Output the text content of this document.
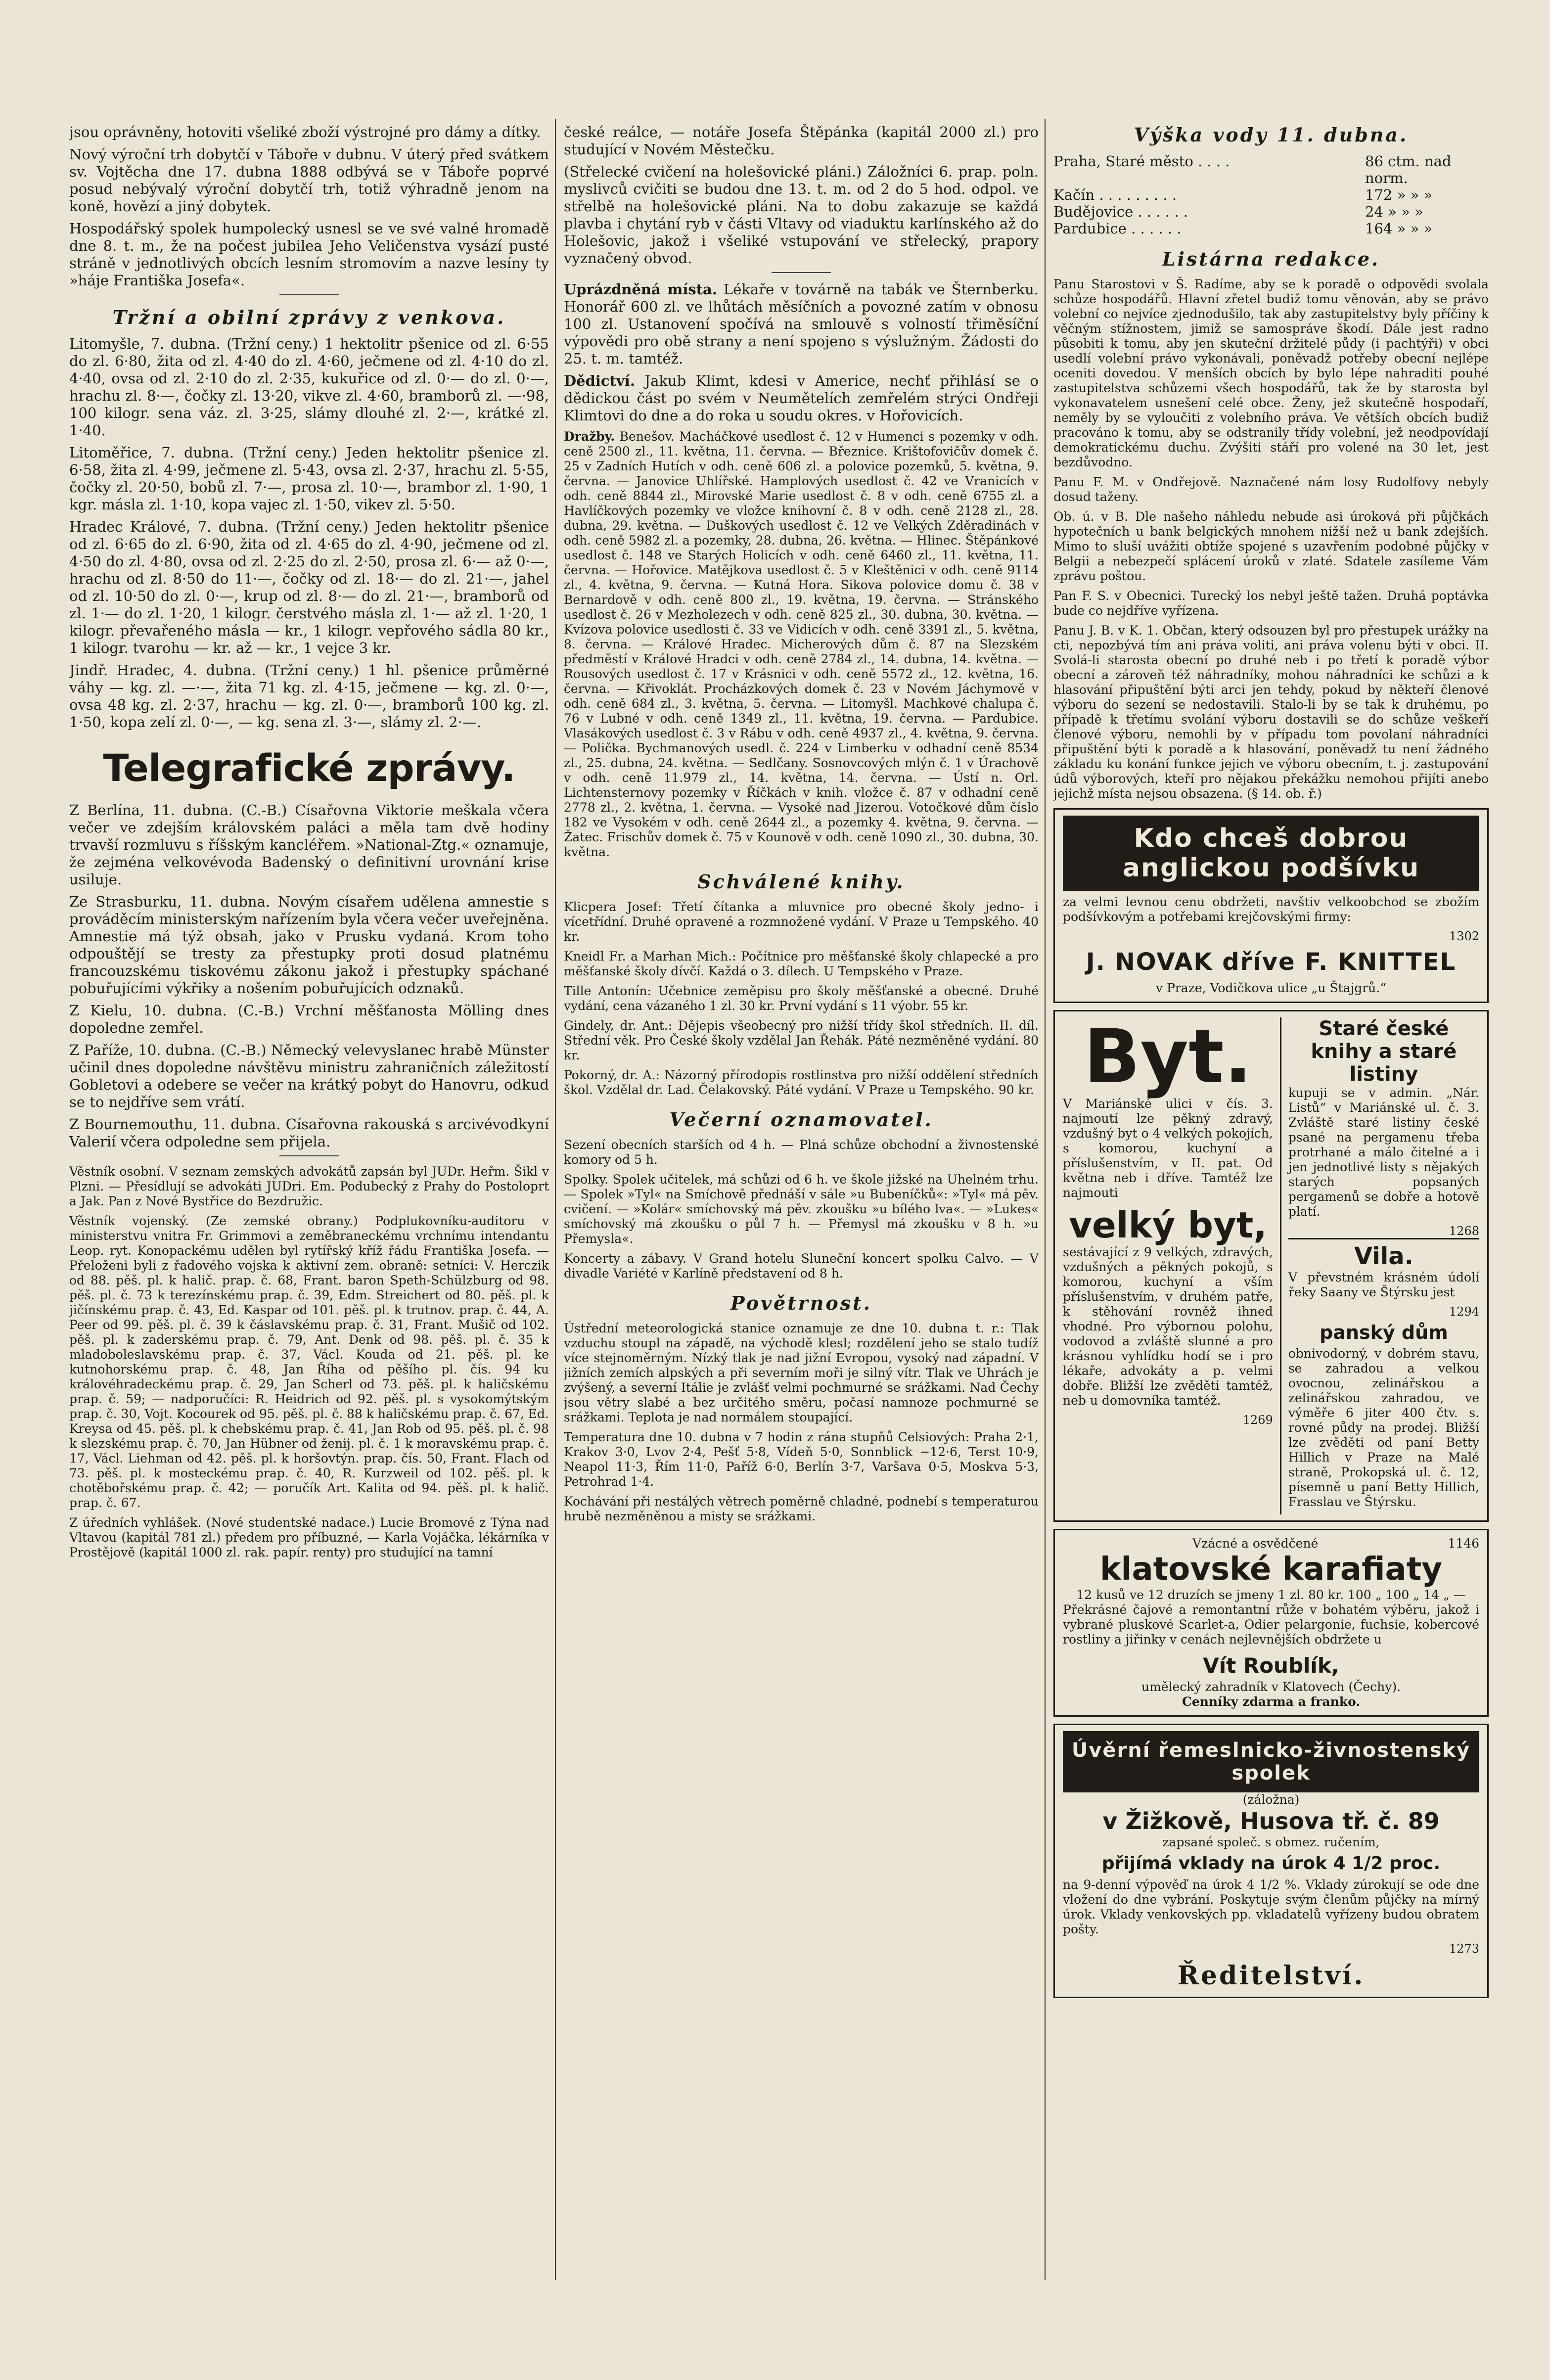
jsou oprávněny, hotoviti všeliké zboží výstrojné pro dámy a dítky.

Nový výroční trh dobytčí v Táboře v dubnu. V úterý před svátkem sv. Vojtěcha dne 17. dubna 1888 odbývá se v Táboře poprvé posud nebývalý výroční dobytčí trh, totiž výhradně jenom na koně, hovězí a jiný dobytek.

Hospodářský spolek humpolecký usnesl se ve své valné hromadě dne 8. t. m., že na počest jubilea Jeho Veličenstva vysází pusté stráně v jednotlivých obcích lesním stromovím a nazve lesíny ty »háje Františka Josefa«.

Tržní a obilní zprávy z venkova.

Litomyšle, 7. dubna. (Tržní ceny.) 1 hektolitr pšenice od zl. 6·55 do zl. 6·80, žita od zl. 4·40 do zl. 4·60, ječmene od zl. 4·10 do zl. 4·40, ovsa od zl. 2·10 do zl. 2·35, kukuřice od zl. 0·— do zl. 0·—, hrachu zl. 8·—, čočky zl. 13·20, vikve zl. 4·60, bramborů zl. —·98, 100 kilogr. sena váz. zl. 3·25, slámy dlouhé zl. 2·—, krátké zl. 1·40.

Litoměřice, 7. dubna. (Tržní ceny.) Jeden hektolitr pšenice zl. 6·58, žita zl. 4·99, ječmene zl. 5·43, ovsa zl. 2·37, hrachu zl. 5·55, čočky zl. 20·50, bobů zl. 7·—, prosa zl. 10·—, brambor zl. 1·90, 1 kgr. másla zl. 1·10, kopa vajec zl. 1·50, vikev zl. 5·50.

Hradec Králové, 7. dubna. (Tržní ceny.) Jeden hektolitr pšenice od zl. 6·65 do zl. 6·90, žita od zl. 4·65 do zl. 4·90, ječmene od zl. 4·50 do zl. 4·80, ovsa od zl. 2·25 do zl. 2·50, prosa zl. 6·— až 0·—, hrachu od zl. 8·50 do 11·—, čočky od zl. 18·— do zl. 21·—, jahel od zl. 10·50 do zl. 0·—, krup od zl. 8·— do zl. 21·—, bramborů od zl. 1·— do zl. 1·20, 1 kilogr. čerstvého másla zl. 1·— až zl. 1·20, 1 kilogr. převařeného másla — kr., 1 kilogr. vepřového sádla 80 kr., 1 kilogr. tvarohu — kr. až — kr., 1 vejce 3 kr.

Jindř. Hradec, 4. dubna. (Tržní ceny.) 1 hl. pšenice průměrné váhy — kg. zl. —·—, žita 71 kg. zl. 4·15, ječmene — kg. zl. 0·—, ovsa 48 kg. zl. 2·37, hrachu — kg. zl. 0·—, bramborů 100 kg. zl. 1·50, kopa zelí zl. 0·—, — kg. sena zl. 3·—, slámy zl. 2·—.

Telegrafické zprávy.

Z Berlína, 11. dubna. (C.-B.) Císařovna Viktorie meškala včera večer ve zdejším královském paláci a měla tam dvě hodiny trvavší rozmluvu s říšským kancléřem. »National-Ztg.« oznamuje, že zejména velkovévoda Badenský o definitivní urovnání krise usiluje.

Ze Strasburku, 11. dubna. Novým císařem udělena amnestie s prováděcím ministerským nařízením byla včera večer uveřejněna. Amnestie má týž obsah, jako v Prusku vydaná. Krom toho odpouštějí se tresty za přestupky proti dosud platnému francouzskému tiskovému zákonu jakož i přestupky spáchané pobuřujícími výkřiky a nošením pobuřujících odznaků.

Z Kielu, 10. dubna. (C.-B.) Vrchní měšťanosta Mölling dnes dopoledne zemřel.

Z Paříže, 10. dubna. (C.-B.) Německý velevyslanec hrabě Münster učinil dnes dopoledne návštěvu ministru zahraničních záležitostí Gobletovi a odebere se večer na krátký pobyt do Hanovru, odkud se to nejdříve sem vrátí.

Z Bournemouthu, 11. dubna. Císařovna rakouská s arcivévodkyní Valerií včera odpoledne sem přijela.

Věstník osobní. V seznam zemských advokátů zapsán byl JUDr. Heřm. Šikl v Plzni. — Přesídlují se advokáti JUDri. Em. Podubecký z Prahy do Postoloprt a Jak. Pan z Nové Bystřice do Bezdružic.

Věstník vojenský. (Ze zemské obrany.) Podplukovníku-auditoru v ministerstvu vnitra Fr. Grimmovi a zeměbraneckému vrchnímu intendantu Leop. ryt. Konopackému udělen byl rytířský kříž řádu Františka Josefa. — Přeloženi byli z řadového vojska k aktivní zem. obraně: setníci: V. Herczik od 88. pěš. pl. k halič. prap. č. 68, Frant. baron Speth-Schülzburg od 98. pěš. pl. č. 73 k terezínskému prap. č. 39, Edm. Streichert od 80. pěš. pl. k jičínskému prap. č. 43, Ed. Kaspar od 101. pěš. pl. k trutnov. prap. č. 44, A. Peer od 99. pěš. pl. č. 39 k čáslavskému prap. č. 31, Frant. Mušič od 102. pěš. pl. k zaderskému prap. č. 79, Ant. Denk od 98. pěš. pl. č. 35 k mladoboleslavskému prap. č. 37, Václ. Kouda od 21. pěš. pl. ke kutnohorskému prap. č. 48, Jan Říha od pěšího pl. čís. 94 ku královéhradeckému prap. č. 29, Jan Scherl od 73. pěš. pl. k haličskému prap. č. 59; — nadporučíci: R. Heidrich od 92. pěš. pl. s vysokomýtským prap. č. 30, Vojt. Kocourek od 95. pěš. pl. č. 88 k haličskému prap. č. 67, Ed. Kreysa od 45. pěš. pl. k chebskému prap. č. 41, Jan Rob od 95. pěš. pl. č. 98 k slezskému prap. č. 70, Jan Hübner od ženij. pl. č. 1 k moravskému prap. č. 17, Václ. Liehman od 42. pěš. pl. k horšovtýn. prap. čís. 50, Frant. Flach od 73. pěš. pl. k mosteckému prap. č. 40, R. Kurzweil od 102. pěš. pl. k chotěbořskému prap. č. 42; — poručík Art. Kalita od 94. pěš. pl. k halič. prap. č. 67.

Z úředních vyhlášek. (Nové studentské nadace.) Lucie Bromové z Týna nad Vltavou (kapitál 781 zl.) předem pro příbuzné, — Karla Vojáčka, lékárníka v Prostějově (kapitál 1000 zl. rak. papír. renty) pro studující na tamní

české reálce, — notáře Josefa Štěpánka (kapitál 2000 zl.) pro studující v Novém Městečku.

(Střelecké cvičení na holešovické pláni.) Záložníci 6. prap. poln. myslivců cvičiti se budou dne 13. t. m. od 2 do 5 hod. odpol. ve střelbě na holešovické pláni. Na to dobu zakazuje se každá plavba i chytání ryb v části Vltavy od viaduktu karlínského až do Holešovic, jakož i všeliké vstupování ve střelecký, prapory vyznačený obvod.

Uprázdněná místa. Lékaře v továrně na tabák ve Šternberku. Honorář 600 zl. ve lhůtách měsíčních a povozné zatím v obnosu 100 zl. Ustanovení spočívá na smlouvě s volností třiměsíční výpovědi pro obě strany a není spojeno s výslužným. Žádosti do 25. t. m. tamtéž.

Dědictví. Jakub Klimt, kdesi v Americe, nechť přihlásí se o dědickou část po svém v Neumětelích zemřelém strýci Ondřeji Klimtovi do dne a do roka u soudu okres. v Hořovicích.

Dražby. Benešov. Macháčkové usedlost č. 12 v Humenci s pozemky v odh. ceně 2500 zl., 11. května, 11. června. — Březnice. Krištofovičův domek č. 25 v Zadních Hutích v odh. ceně 606 zl. a polovice pozemků, 5. května, 9. června. — Janovice Uhlířské. Hamplových usedlost č. 42 ve Vranicích v odh. ceně 8844 zl., Mirovské Marie usedlost č. 8 v odh. ceně 6755 zl. a Havlíčkových pozemky ve vložce knihovní č. 8 v odh. ceně 2128 zl., 28. dubna, 29. května. — Duškových usedlost č. 12 ve Velkých Zděradinách v odh. ceně 5982 zl. a pozemky, 28. dubna, 26. května. — Hlinec. Štěpánkové usedlost č. 148 ve Starých Holicích v odh. ceně 6460 zl., 11. května, 11. června. — Hořovice. Matějkova usedlost č. 5 v Kleštěnici v odh. ceně 9114 zl., 4. května, 9. června. — Kutná Hora. Sikova polovice domu č. 38 v Bernardově v odh. ceně 800 zl., 19. května, 19. června. — Stránského usedlost č. 26 v Mezholezech v odh. ceně 825 zl., 30. dubna, 30. května. — Kvízova polovice usedlosti č. 33 ve Vidicích v odh. ceně 3391 zl., 5. května, 8. června. — Králové Hradec. Micherových dům č. 87 na Slezském předměstí v Králové Hradci v odh. ceně 2784 zl., 14. dubna, 14. května. — Rousových usedlost č. 17 v Krásnici v odh. ceně 5572 zl., 12. května, 16. června. — Křivoklát. Procházkových domek č. 23 v Novém Jáchymově v odh. ceně 684 zl., 3. května, 5. června. — Litomyšl. Machkové chalupa č. 76 v Lubné v odh. ceně 1349 zl., 11. května, 19. června. — Pardubice. Vlasákových usedlost č. 3 v Rábu v odh. ceně 4937 zl., 4. května, 9. června. — Polička. Bychmanových usedl. č. 224 v Limberku v odhadní ceně 8534 zl., 25. dubna, 24. května. — Sedlčany. Sosnovcových mlýn č. 1 v Úrachově v odh. ceně 11.979 zl., 14. května, 14. června. — Ústí n. Orl. Lichtensternovy pozemky v Říčkách v knih. vložce č. 87 v odhadní ceně 2778 zl., 2. května, 1. června. — Vysoké nad Jizerou. Votočkové dům číslo 182 ve Vysokém v odh. ceně 2644 zl., a pozemky 4. května, 9. června. — Žatec. Frischův domek č. 75 v Kounově v odh. ceně 1090 zl., 30. dubna, 30. května.

Schválené knihy.

Klicpera Josef: Třetí čítanka a mluvnice pro obecné školy jedno- i vícetřídní. Druhé opravené a rozmnožené vydání. V Praze u Tempského. 40 kr.

Kneidl Fr. a Marhan Mich.: Počítnice pro měšťanské školy chlapecké a pro měšťanské školy dívčí. Každá o 3. dílech. U Tempského v Praze.

Tille Antonín: Učebnice zeměpisu pro školy měšťanské a obecné. Druhé vydání, cena vázaného 1 zl. 30 kr. První vydání s 11 výobr. 55 kr.

Gindely, dr. Ant.: Dějepis všeobecný pro nižší třídy škol středních. II. díl. Střední věk. Pro České školy vzdělal Jan Řehák. Páté nezměněné vydání. 80 kr.

Pokorný, dr. A.: Názorný přírodopis rostlinstva pro nižší oddělení středních škol. Vzdělal dr. Lad. Čelakovský. Páté vydání. V Praze u Tempského. 90 kr.

Večerní oznamovatel.

Sezení obecních starších od 4 h. — Plná schůze obchodní a živnostenské komory od 5 h.

Spolky. Spolek učitelek, má schůzi od 6 h. ve škole jižské na Uhelném trhu. — Spolek »Tyl« na Smíchově přednáší v sále »u Bubeníčků«: »Tyl« má pěv. cvičení. — »Kolár« smíchovský má pěv. zkoušku »u bílého lva«. — »Lukes« smíchovský má zkoušku o půl 7 h. — Přemysl má zkoušku v 8 h. »u Přemysla«.

Koncerty a zábavy. V Grand hotelu Sluneční koncert spolku Calvo. — V divadle Variété v Karlíně představení od 8 h.

Povětrnost.

Ústřední meteorologická stanice oznamuje ze dne 10. dubna t. r.: Tlak vzduchu stoupl na západě, na východě klesl; rozdělení jeho se stalo tudíž více stejnoměrným. Nízký tlak je nad jižní Evropou, vysoký nad západní. V jižních zemích alpských a při severním moři je silný vítr. Tlak ve Uhrách je zvýšený, a severní Itálie je zvlášť velmi pochmurné se srážkami. Nad Čechy jsou větry slabé a bez určitého směru, počasí namnoze pochmurné se srážkami. Teplota je nad normálem stoupající.

Temperatura dne 10. dubna v 7 hodin z rána stupňů Celsiových: Praha 2·1, Krakov 3·0, Lvov 2·4, Pešť 5·8, Vídeň 5·0, Sonnblick −12·6, Terst 10·9, Neapol 11·3, Řím 11·0, Paříž 6·0, Berlín 3·7, Varšava 0·5, Moskva 5·3, Petrohrad 1·4.

Kochávání při nestálých větrech poměrně chladné, podnebí s temperaturou hrubě nezměněnou a misty se srážkami.

Výška vody 11. dubna.
Praha, Staré město . . . .	86 ctm. nad norm.
Kačín . . . . . . . . .	172 » » »
Budějovice . . . . . .	24 » » »
Pardubice . . . . . .	164 » » »
Listárna redakce.

Panu Starostovi v Š. Radíme, aby se k poradě o odpovědi svolala schůze hospodářů. Hlavní zřetel budiž tomu věnován, aby se právo volební co nejvíce zjednodušilo, tak aby zastupitelstvy byly příčiny k věčným stížnostem, jimiž se samospráve škodí. Dále jest radno působiti k tomu, aby jen skuteční držitelé půdy (i pachtýři) v obci usedlí volební právo vykonávali, poněvadž potřeby obecní nejlépe oceniti dovedou. V menších obcích by bylo lépe nahraditi pouhé zastupitelstva schůzemi všech hospodářů, tak že by starosta byl vykonavatelem usnešení celé obce. Ženy, jež skutečně hospodaří, neměly by se vyloučiti z volebního práva. Ve větších obcích budiž pracováno k tomu, aby se odstranily třídy volební, jež neodpovídají demokratickému duchu. Zvýšiti stáří pro volené na 30 let, jest bezdůvodno.

Panu F. M. v Ondřejově. Naznačené nám losy Rudolfovy nebyly dosud taženy.

Ob. ú. v B. Dle našeho náhledu nebude asi úroková při půjčkách hypotečních u bank belgických mnohem nižší než u bank zdejších. Mimo to sluší uvážiti obtíže spojené s uzavřením podobné půjčky v Belgii a nebezpečí splácení úroků v zlaté. Sdatele zasíleme Vám zprávu poštou.

Pan F. S. v Obecnici. Turecký los nebyl ještě tažen. Druhá poptávka bude co nejdříve vyřízena.

Panu J. B. v K. 1. Občan, který odsouzen byl pro přestupek urážky na cti, nepozbývá tím ani práva voliti, ani práva volenu býti v obci. II. Svolá-li starosta obecní po druhé neb i po třetí k poradě výbor obecní a zároveň též náhradníky, mohou náhradníci ke schůzi a k hlasování připuštění býti arci jen tehdy, pokud by někteří členové výboru do sezení se nedostavili. Stalo-li by se tak k druhému, po případě k třetímu svolání výboru dostavili se do schůze veškeří členové výboru, nemohli by v případu tom povolaní náhradníci připuštění býti k poradě a k hlasování, poněvadž tu není žádného základu ku konání funkce jejich ve výboru obecním, t. j. zastupování údů výborových, kteří pro nějakou překážku nemohou přijíti anebo jejichž místa nejsou obsazena. (§ 14. ob. ř.)

Kdo chceš dobrou anglickou podšívku

za velmi levnou cenu obdržeti, navštiv velkoobchod se zbožím podšívkovým a potřebami krejčovskými firmy:

1302
J. NOVAK dříve F. KNITTEL
v Praze, Vodičkova ulice „u Štajgrů.“
Byt.

V Mariánské ulici v čís. 3. najmoutí lze pěkný zdravý, vzdušný byt o 4 velkých pokojích, s komorou, kuchyní a příslušenstvím, v II. pat. Od května neb i dříve. Tamtéž lze najmouti

velký byt,

sestávající z 9 velkých, zdravých, vzdušných a pěkných pokojů, s komorou, kuchyní a vším příslušenstvím, v druhém patře, k stěhování rovněž ihned vhodné. Pro výbornou polohu, vodovod a zvláště slunné a pro krásnou vyhlídku hodí se i pro lékaře, advokáty a p. velmi dobře. Bližší lze zvěděti tamtéž, neb u domovníka tamtéž.

1269
Staré české knihy a staré listiny

kupuji se v admin. „Nár. Listů“ v Mariánské ul. č. 3. Zvláště staré listiny české psané na pergamenu třeba protrhané a málo čitelné a i jen jednotlivé listy s nějakých starých popsaných pergamenů se dobře a hotově platí.

1268
Vila.

V převstném krásném údolí řeky Saany ve Štýrsku jest

1294
panský dům

obnivodorný, v dobrém stavu, se zahradou a velkou ovocnou, zelinářskou a zelinářskou zahradou, ve výměře 6 jiter 400 čtv. s. rovné půdy na prodej. Bližší lze zvěděti od paní Betty Hillich v Praze na Malé straně, Prokopská ul. č. 12, písemně u paní Betty Hillich, Frasslau ve Štýrsku.

Vzácné a osvědčené	1146
klatovské karafiaty
12 kusů ve 12 druzích se jmeny 1 zl. 80 kr. 100 „ 100 „ 14 „ —

Překrásné čajové a remontantní růže v bohatém výběru, jakož i vybrané pluskové Scarlet-a, Odier pelargonie, fuchsie, kobercové rostliny a jiřinky v cenách nejlevnějších obdržete u

Vít Roublík,
umělecký zahradník v Klatovech (Čechy).
Cenníky zdarma a franko.
Úvěrní řemeslnicko-živnostenský spolek
(záložna)
v Žižkově, Husova tř. č. 89
zapsané společ. s obmez. ručením,
přijímá vklady na úrok 4 1/2 proc.

na 9-denní výpověď na úrok 4 1/2 %. Vklady zúrokují se ode dne vložení do dne vybrání. Poskytuje svým členům půjčky na mírný úrok. Vklady venkovských pp. vkladatelů vyřízeny budou obratem pošty.

1273
Ředitelství.
